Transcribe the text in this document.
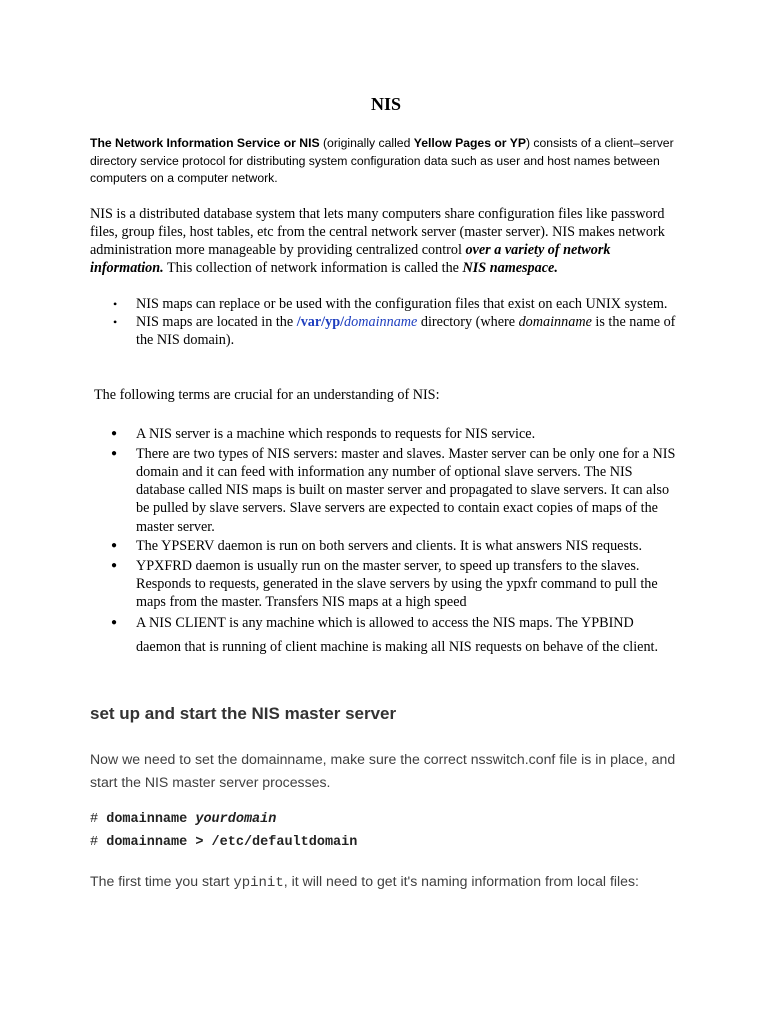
NIS

The Network Information Service or NIS (originally called Yellow Pages or YP) consists of a client–server directory service protocol for distributing system configuration data such as user and host names between computers on a computer network.

NIS is a distributed database system that lets many computers share configuration files like password files, group files, host tables, etc from the central network server (master server). NIS makes network administration more manageable by providing centralized control over a variety of network information. This collection of network information is called the NIS namespace.

• NIS maps can replace or be used with the configuration files that exist on each UNIX system.
• NIS maps are located in the /var/yp/domainname directory (where domainname is the name of the NIS domain).

The following terms are crucial for an understanding of NIS:

● A NIS server is a machine which responds to requests for NIS service.
● There are two types of NIS servers: master and slaves. Master server can be only one for a NIS domain and it can feed with information any number of optional slave servers. The NIS database called NIS maps is built on master server and propagated to slave servers. It can also be pulled by slave servers. Slave servers are expected to contain exact copies of maps of the master server.
● The YPSERV daemon is run on both servers and clients. It is what answers NIS requests.
● YPXFRD daemon is usually run on the master server, to speed up transfers to the slaves. Responds to requests, generated in the slave servers by using the ypxfr command to pull the maps from the master. Transfers NIS maps at a high speed
● A NIS CLIENT is any machine which is allowed to access the NIS maps. The YPBIND daemon that is running of client machine is making all NIS requests on behave of the client.
set up and start the NIS master server

Now we need to set the domainname, make sure the correct nsswitch.conf file is in place, and start the NIS master server processes.

# domainname yourdomain
# domainname > /etc/defaultdomain

The first time you start ypinit, it will need to get it's naming information from local files:
